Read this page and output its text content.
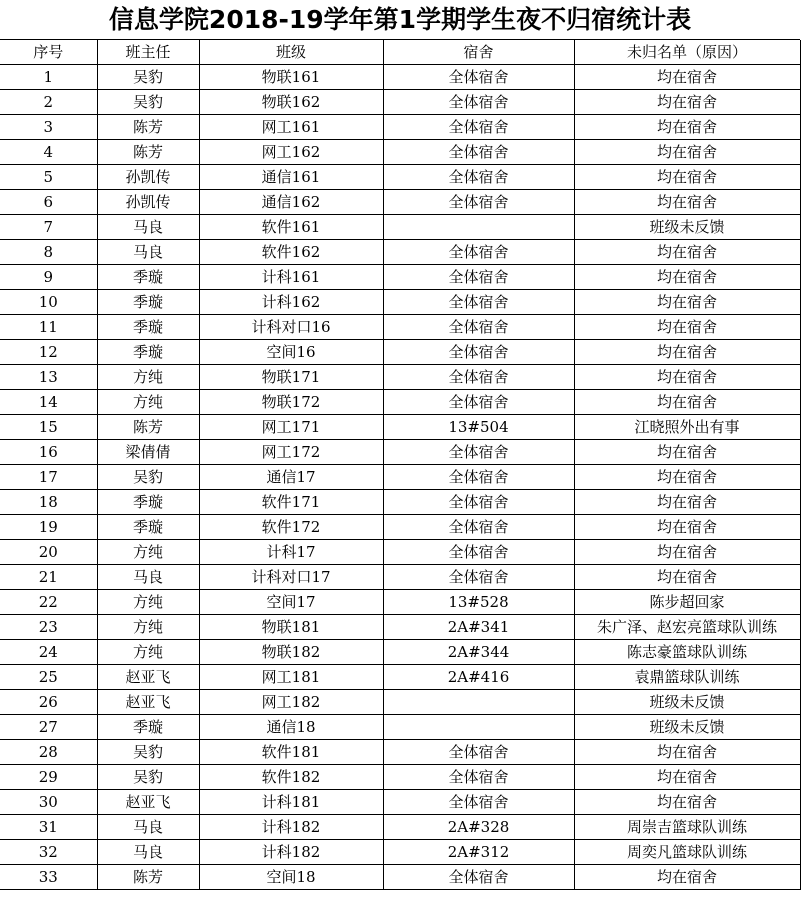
信息学院2018-19学年第1学期学生夜不归宿统计表
序号	班主任	班级	宿舍	未归名单（原因）
1	吴豹	物联161	全体宿舍	均在宿舍
2	吴豹	物联162	全体宿舍	均在宿舍
3	陈芳	网工161	全体宿舍	均在宿舍
4	陈芳	网工162	全体宿舍	均在宿舍
5	孙凯传	通信161	全体宿舍	均在宿舍
6	孙凯传	通信162	全体宿舍	均在宿舍
7	马良	软件161		班级未反馈
8	马良	软件162	全体宿舍	均在宿舍
9	季璇	计科161	全体宿舍	均在宿舍
10	季璇	计科162	全体宿舍	均在宿舍
11	季璇	计科对口16	全体宿舍	均在宿舍
12	季璇	空间16	全体宿舍	均在宿舍
13	方纯	物联171	全体宿舍	均在宿舍
14	方纯	物联172	全体宿舍	均在宿舍
15	陈芳	网工171	13#504	江晓照外出有事
16	梁倩倩	网工172	全体宿舍	均在宿舍
17	吴豹	通信17	全体宿舍	均在宿舍
18	季璇	软件171	全体宿舍	均在宿舍
19	季璇	软件172	全体宿舍	均在宿舍
20	方纯	计科17	全体宿舍	均在宿舍
21	马良	计科对口17	全体宿舍	均在宿舍
22	方纯	空间17	13#528	陈步超回家
23	方纯	物联181	2A#341	朱广泽、赵宏亮篮球队训练
24	方纯	物联182	2A#344	陈志豪篮球队训练
25	赵亚飞	网工181	2A#416	袁鼎篮球队训练
26	赵亚飞	网工182		班级未反馈
27	季璇	通信18		班级未反馈
28	吴豹	软件181	全体宿舍	均在宿舍
29	吴豹	软件182	全体宿舍	均在宿舍
30	赵亚飞	计科181	全体宿舍	均在宿舍
31	马良	计科182	2A#328	周崇吉篮球队训练
32	马良	计科182	2A#312	周奕凡篮球队训练
33	陈芳	空间18	全体宿舍	均在宿舍
